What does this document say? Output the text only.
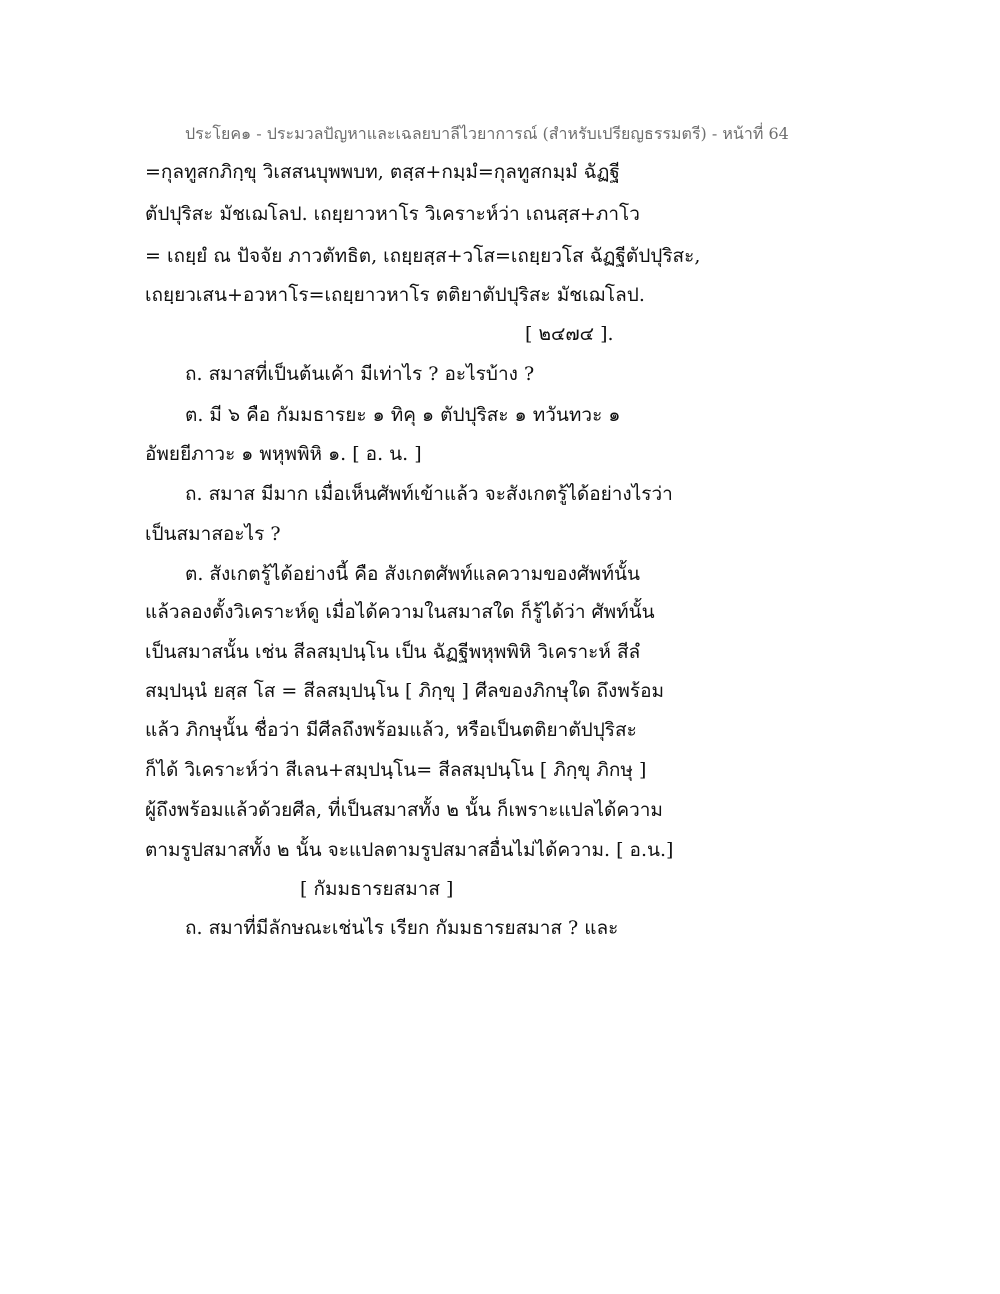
ประโยค๑ - ประมวลปัญหาและเฉลยบาลีไวยาการณ์ (สำหรับเปรียญธรรมตรี) - หน้าที่ 64
=กุลทูสกภิกฺขุ วิเสสนบุพพบท, ตสฺส+กมฺมํ=กุลทูสกมฺมํ ฉัฏฐี
ตัปปุริสะ มัชเฌโลป. เถยฺยาวหาโร วิเคราะห์ว่า เถนสฺส+ภาโว
= เถยฺยํ ณ ปัจจัย ภาวตัทธิต, เถยฺยสฺส+วโส=เถยฺยวโส ฉัฏฐีตัปปุริสะ,
เถยฺยวเสน+อวหาโร=เถยฺยาวหาโร ตติยาตัปปุริสะ มัชเฌโลป.
[ ๒๔๗๔ ].
ถ. สมาสที่เป็นต้นเค้า มีเท่าไร ? อะไรบ้าง ?
ต. มี ๖ คือ กัมมธารยะ ๑ ทิคุ ๑ ตัปปุริสะ ๑ ทวันทวะ ๑
อัพยยีภาวะ ๑ พหุพพิหิ ๑. [ อ. น. ]
ถ. สมาส มีมาก เมื่อเห็นศัพท์เข้าแล้ว จะสังเกตรู้ได้อย่างไรว่า
เป็นสมาสอะไร ?
ต. สังเกตรู้ได้อย่างนี้ คือ สังเกตศัพท์แลความของศัพท์นั้น
แล้วลองตั้งวิเคราะห์ดู เมื่อได้ความในสมาสใด ก็รู้ได้ว่า ศัพท์นั้น
เป็นสมาสนั้น เช่น สีลสมฺปนฺโน เป็น ฉัฏฐีพหุพพิหิ วิเคราะห์ สีลํ
สมฺปนฺนํ ยสฺส โส = สีลสมฺปนฺโน [ ภิกฺขุ ] ศีลของภิกษุใด ถึงพร้อม
แล้ว ภิกษุนั้น ชื่อว่า มีศีลถึงพร้อมแล้ว, หรือเป็นตติยาตัปปุริสะ
ก็ได้ วิเคราะห์ว่า สีเลน+สมฺปนฺโน= สีลสมฺปนฺโน [ ภิกฺขุ ภิกษุ ]
ผู้ถึงพร้อมแล้วด้วยศีล, ที่เป็นสมาสทั้ง ๒ นั้น ก็เพราะแปลได้ความ
ตามรูปสมาสทั้ง ๒ นั้น จะแปลตามรูปสมาสอื่นไม่ได้ความ. [ อ.น.]
[ กัมมธารยสมาส ]
ถ. สมาที่มีลักษณะเช่นไร เรียก กัมมธารยสมาส ? และ
